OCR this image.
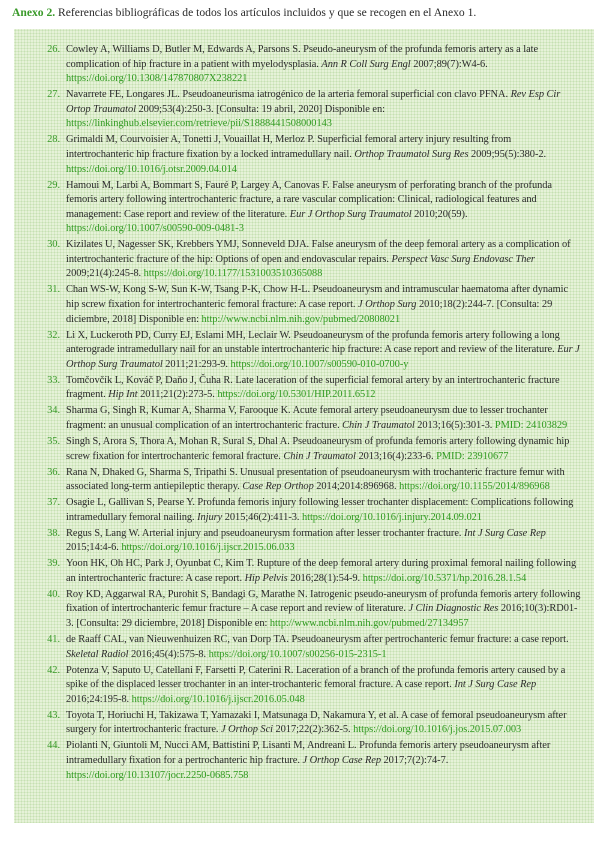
Anexo 2. Referencias bibliográficas de todos los artículos incluidos y que se recogen en el Anexo 1.
26. Cowley A, Williams D, Butler M, Edwards A, Parsons S. Pseudo-aneurysm of the profunda femoris artery as a late complication of hip fracture in a patient with myelodysplasia. Ann R Coll Surg Engl 2007;89(7):W4-6. https://doi.org/10.1308/147870807X238221
27. Navarrete FE, Longares JL. Pseudoaneurisma iatrogénico de la arteria femoral superficial con clavo PFNA. Rev Esp Cir Ortop Traumatol 2009;53(4):250-3. [Consulta: 19 abril, 2020] Disponible en: https://linkinghub.elsevier.com/retrieve/pii/S1888441508000143
28. Grimaldi M, Courvoisier A, Tonetti J, Vouaillat H, Merloz P. Superficial femoral artery injury resulting from intertrochanteric hip fracture fixation by a locked intramedullary nail. Orthop Traumatol Surg Res 2009;95(5):380-2. https://doi.org/10.1016/j.otsr.2009.04.014
29. Hamoui M, Larbi A, Bommart S, Fauré P, Largey A, Canovas F. False aneurysm of perforating branch of the profunda femoris artery following intertrochanteric fracture, a rare vascular complication: Clinical, radiological features and management: Case report and review of the literature. Eur J Orthop Surg Traumatol 2010;20(59). https://doi.org/10.1007/s00590-009-0481-3
30. Kizilates U, Nagesser SK, Krebbers YMJ, Sonneveld DJA. False aneurysm of the deep femoral artery as a complication of intertrochanteric fracture of the hip: Options of open and endovascular repairs. Perspect Vasc Surg Endovasc Ther 2009;21(4):245-8. https://doi.org/10.1177/1531003510365088
31. Chan WS-W, Kong S-W, Sun K-W, Tsang P-K, Chow H-L. Pseudoaneurysm and intramuscular haematoma after dynamic hip screw fixation for intertrochanteric femoral fracture: A case report. J Orthop Surg 2010;18(2):244-7. [Consulta: 29 diciembre, 2018] Disponible en: http://www.ncbi.nlm.nih.gov/pubmed/20808021
32. Li X, Luckeroth PD, Curry EJ, Eslami MH, Leclair W. Pseudoaneurysm of the profunda femoris artery following a long anterograde intramedullary nail for an unstable intertrochanteric hip fracture: A case report and review of the literature. Eur J Orthop Surg Traumatol 2011;21:293-9. https://doi.org/10.1007/s00590-010-0700-y
33. Tomčovčík L, Kováč P, Daňo J, Čuha R. Late laceration of the superficial femoral artery by an intertrochanteric fracture fragment. Hip Int 2011;21(2):273-5. https://doi.org/10.5301/HIP.2011.6512
34. Sharma G, Singh R, Kumar A, Sharma V, Farooque K. Acute femoral artery pseudoaneurysm due to lesser trochanter fragment: an unusual complication of an intertrochanteric fracture. Chin J Traumatol 2013;16(5):301-3. PMID: 24103829
35. Singh S, Arora S, Thora A, Mohan R, Sural S, Dhal A. Pseudoaneurysm of profunda femoris artery following dynamic hip screw fixation for intertrochanteric femoral fracture. Chin J Traumatol 2013;16(4):233-6. PMID: 23910677
36. Rana N, Dhaked G, Sharma S, Tripathi S. Unusual presentation of pseudoaneurysm with trochanteric fracture femur with associated long-term antiepileptic therapy. Case Rep Orthop 2014;2014:896968. https://doi.org/10.1155/2014/896968
37. Osagie L, Gallivan S, Pearse Y. Profunda femoris injury following lesser trochanter displacement: Complications following intramedullary femoral nailing. Injury 2015;46(2):411-3. https://doi.org/10.1016/j.injury.2014.09.021
38. Regus S, Lang W. Arterial injury and pseudoaneurysm formation after lesser trochanter fracture. Int J Surg Case Rep 2015;14:4-6. https://doi.org/10.1016/j.ijscr.2015.06.033
39. Yoon HK, Oh HC, Park J, Oyunbat C, Kim T. Rupture of the deep femoral artery during proximal femoral nailing following an intertrochanteric fracture: A case report. Hip Pelvis 2016;28(1):54-9. https://doi.org/10.5371/hp.2016.28.1.54
40. Roy KD, Aggarwal RA, Purohit S, Bandagi G, Marathe N. Iatrogenic pseudo-aneurysm of profunda femoris artery following fixation of intertrochanteric femur fracture – A case report and review of literature. J Clin Diagnostic Res 2016;10(3):RD01-3. [Consulta: 29 diciembre, 2018] Disponible en: http://www.ncbi.nlm.nih.gov/pubmed/27134957
41. de Raaff CAL, van Nieuwenhuizen RC, van Dorp TA. Pseudoaneurysm after pertrochanteric femur fracture: a case report. Skeletal Radiol 2016;45(4):575-8. https://doi.org/10.1007/s00256-015-2315-1
42. Potenza V, Saputo U, Catellani F, Farsetti P, Caterini R. Laceration of a branch of the profunda femoris artery caused by a spike of the displaced lesser trochanter in an inter-trochanteric femoral fracture. A case report. Int J Surg Case Rep 2016;24:195-8. https://doi.org/10.1016/j.ijscr.2016.05.048
43. Toyota T, Horiuchi H, Takizawa T, Yamazaki I, Matsunaga D, Nakamura Y, et al. A case of femoral pseudoaneurysm after surgery for intertrochanteric fracture. J Orthop Sci 2017;22(2):362-5. https://doi.org/10.1016/j.jos.2015.07.003
44. Piolanti N, Giuntoli M, Nucci AM, Battistini P, Lisanti M, Andreani L. Profunda femoris artery pseudoaneurysm after intramedullary fixation for a pertrochanteric hip fracture. J Orthop Case Rep 2017;7(2):74-7. https://doi.org/10.13107/jocr.2250-0685.758
